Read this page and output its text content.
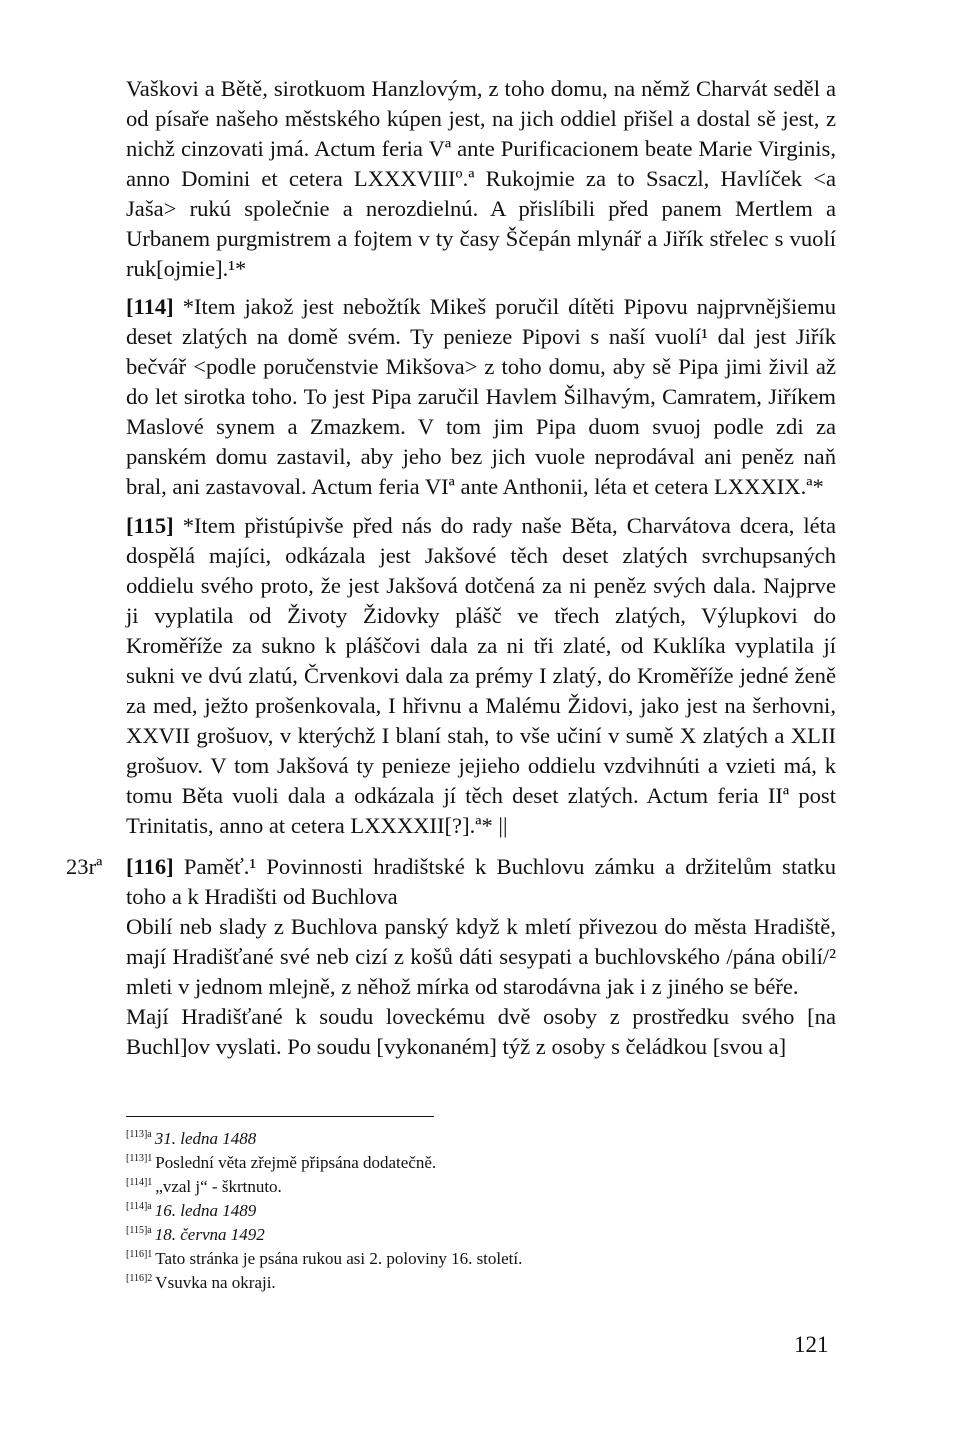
Vaškovi a Bětě, sirotkuom Hanzlovým, z toho domu, na němž Charvát seděl a od písaře našeho městského kúpen jest, na jich oddiel přišel a dostal sě jest, z nichž cinzovati jmá. Actum feria Vª ante Purificacionem beate Marie Virginis, anno Domini et cetera LXXXVIIIº.ª Rukojmie za to Ssaczl, Havlíček <a Jaša> rukú společnie a nerozdielnú. A přislíbili před panem Mertlem a Urbanem purgmistrem a fojtem v ty časy Ščepán mlynář a Jiřík střelec s vuolí ruk[ojmie].¹*

[114] *Item jakož jest nebožtík Mikeš poručil dítěti Pipovu najprvnějšiemu deset zlatých na domě svém. Ty penieze Pipovi s naší vuolí¹ dal jest Jiřík bečvář <podle poručenstvie Mikšova> z toho domu, aby sě Pipa jimi živil až do let sirotka toho. To jest Pipa zaručil Havlem Šilhavým, Camratem, Jiříkem Maslové synem a Zmazkem. V tom jim Pipa duom svuoj podle zdi za panském domu zastavil, aby jeho bez jich vuole neprodával ani peněz naň bral, ani zastavoval. Actum feria VIª ante Anthonii, léta et cetera LXXXIX.ª*

[115] *Item přistúpivše před nás do rady naše Běta, Charvátova dcera, léta dospělá majíci, odkázala jest Jakšové těch deset zlatých svrchupsaných oddielu svého proto, že jest Jakšová dotčená za ni peněz svých dala. Najprve ji vyplatila od Životy Židovky plášč ve třech zlatých, Výlupkovi do Kroměříže za sukno k pláščovi dala za ni tři zlaté, od Kuklíka vyplatila jí sukni ve dvú zlatú, Črvenkovi dala za prémy I zlatý, do Kroměříže jedné ženě za med, ježto prošenkovala, I hřivnu a Malému Židovi, jako jest na šerhovni, XXVII grošuov, v kterýchž I blaní stah, to vše učiní v sumě X zlatých a XLII grošuov. V tom Jakšová ty penieze jejieho oddielu vzdvihnúti a vzieti má, k tomu Běta vuoli dala a odkázala jí těch deset zlatých. Actum feria IIª post Trinitatis, anno at cetera LXXXXII[?].ª* ||

23rª [116] Paměť.¹ Povinnosti hradištské k Buchlovu zámku a držitelům statku toho a k Hradišti od Buchlova
Obilí neb slady z Buchlova panský když k mletí přivezou do města Hradiště, mají Hradišťané své neb cizí z košů dáti sesypati a buchlovského /pána obilí/² mleti v jednom mlejně, z něhož mírka od starodávna jak i z jiného se béře.
Mají Hradišťané k soudu loveckému dvě osoby z prostředku svého [na Buchl]ov vyslati. Po soudu [vykonaném] týž z osoby s čeládkou [svou a]

$^{[113]a}$ 31. ledna 1488
$^{[113]1}$ Poslední věta zřejmě připsána dodatečně.
$^{[114]1}$ „vzal j“ - škrtnuto.
$^{[114]a}$ 16. ledna 1489
$^{[115]a}$ 18. června 1492
$^{[116]1}$ Tato stránka je psána rukou asi 2. poloviny 16. století.
$^{[116]2}$ Vsuvka na okraji.
121
